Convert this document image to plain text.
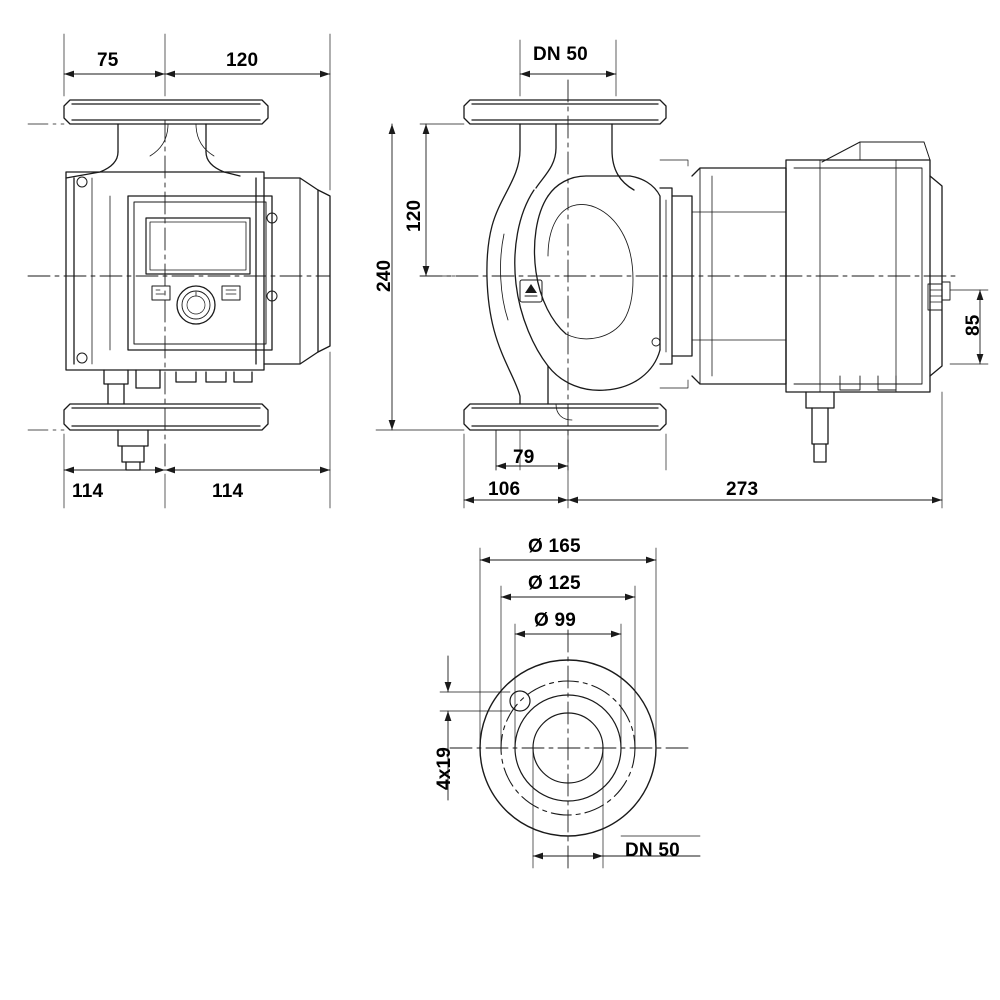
75	120
114	114
DN 50
120
240
79
106	273
85
Ø 165
Ø 125
Ø 99
4x19
DN 50
